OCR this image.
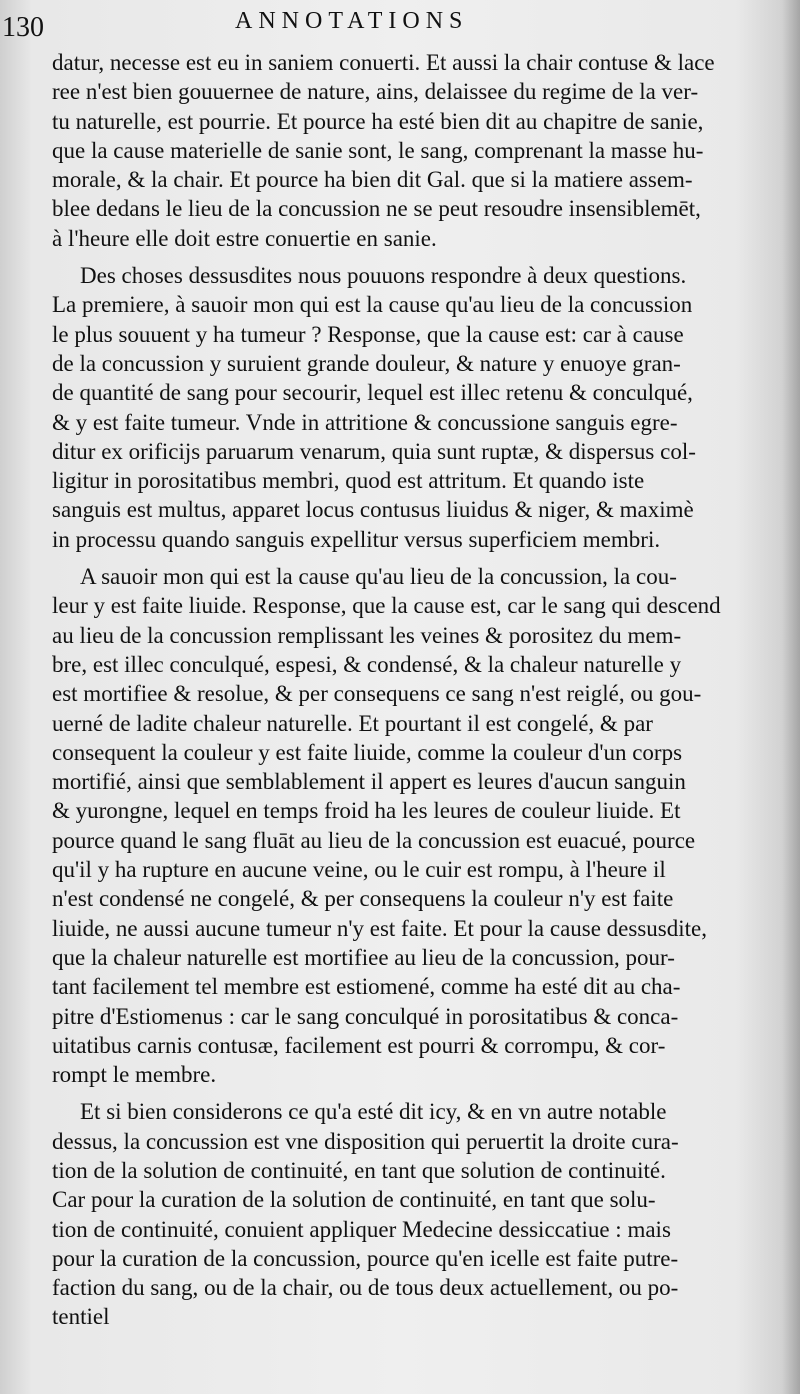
130	ANNOTATIONS
datur, necesse est eu in saniem conuerti. Et aussi la chair contuse & lace
ree n'est bien gouuernee de nature, ains, delaissee du regime de la ver-
tu naturelle, est pourrie. Et pource ha esté bien dit au chapitre de sanie,
que la cause materielle de sanie sont, le sang, comprenant la masse hu-
morale, & la chair. Et pource ha bien dit Gal. que si la matiere assem-
blee dedans le lieu de la concussion ne se peut resoudre insensiblemēt,
à l'heure elle doit estre conuertie en sanie.
Des choses dessusdites nous pouuons respondre à deux questions.
La premiere, à sauoir mon qui est la cause qu'au lieu de la concussion
le plus souuent y ha tumeur ? Response, que la cause est: car à cause
de la concussion y suruient grande douleur, & nature y enuoye gran-
de quantité de sang pour secourir, lequel est illec retenu & conculqué,
& y est faite tumeur. Vnde in attritione & concussione sanguis egre-
ditur ex orificijs paruarum venarum, quia sunt ruptæ, & dispersus col-
ligitur in porositatibus membri, quod est attritum. Et quando iste
sanguis est multus, apparet locus contusus liuidus & niger, & maximè
in processu quando sanguis expellitur versus superficiem membri.
A sauoir mon qui est la cause qu'au lieu de la concussion, la cou-
leur y est faite liuide. Response, que la cause est, car le sang qui descend
au lieu de la concussion remplissant les veines & porositez du mem-
bre, est illec conculqué, espesi, & condensé, & la chaleur naturelle y
est mortifiee & resolue, & per consequens ce sang n'est reiglé, ou gou-
uerné de ladite chaleur naturelle. Et pourtant il est congelé, & par
consequent la couleur y est faite liuide, comme la couleur d'un corps
mortifié, ainsi que semblablement il appert es leures d'aucun sanguin
& yurongne, lequel en temps froid ha les leures de couleur liuide. Et
pource quand le sang fluāt au lieu de la concussion est euacué, pource
qu'il y ha rupture en aucune veine, ou le cuir est rompu, à l'heure il
n'est condensé ne congelé, & per consequens la couleur n'y est faite
liuide, ne aussi aucune tumeur n'y est faite. Et pour la cause dessusdite,
que la chaleur naturelle est mortifiee au lieu de la concussion, pour-
tant facilement tel membre est estiomené, comme ha esté dit au cha-
pitre d'Estiomenus : car le sang conculqué in porositatibus & conca-
uitatibus carnis contusæ, facilement est pourri & corrompu, & cor-
rompt le membre.
Et si bien considerons ce qu'a esté dit icy, & en vn autre notable
dessus, la concussion est vne disposition qui peruertit la droite cura-
tion de la solution de continuité, en tant que solution de continuité.
Car pour la curation de la solution de continuité, en tant que solu-
tion de continuité, conuient appliquer Medecine dessiccatiue : mais
pour la curation de la concussion, pource qu'en icelle est faite putre-
faction du sang, ou de la chair, ou de tous deux actuellement, ou po-
tentiel
